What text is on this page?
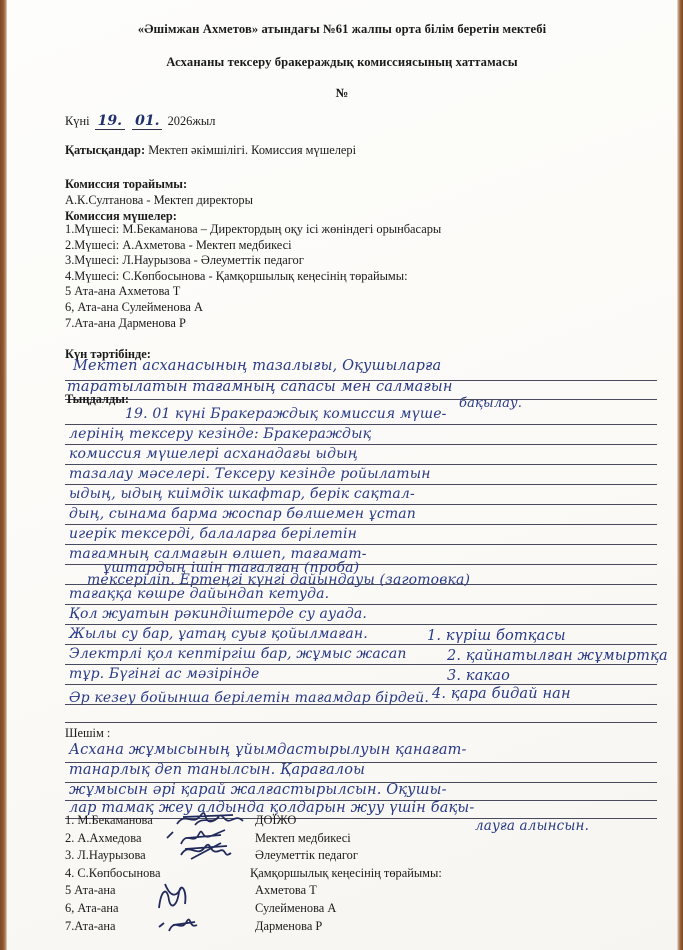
«Әшімжан Ахметов» атындағы №61 жалпы орта білім беретін мектебі
Асхананы тексеру бракераждық комиссиясының хаттамасы
№
Күні 19. 01. 2026жыл
Қатысқандар: Мектеп әкімшілігі. Комиссия мүшелері
Комиссия торайымы:
А.К.Султанова - Мектеп директоры
Комиссия мүшелер:
1.Мүшесі: М.Бекаманова – Директордың оқу ісі жөніндегі орынбасары
2.Мүшесі: А.Ахметова - Мектеп медбикесі
3.Мүшесі: Л.Наурызова - Әлеуметтік педагог
4.Мүшесі: С.Көпбосынова - Қамқоршылық кеңесінің төрайымы:
5 Ата-ана Ахметова Т
6, Ата-ана Сулейменова А
7.Ата-ана Дарменова Р
Күн тәртібінде:
Мектеп асханасының тазалығы, Оқушыларға
таратылатын тағамның сапасы мен салмағын
бақылау.
Тыңдалды:
19. 01 күні Бракераждық комиссия мүше-
лерінің тексеру кезінде: Бракераждық
комиссия мүшелері асханадағы ыдың
тазалау мәселері. Тексеру кезінде ройылатын
ыдың, ыдың киімдік шкафтар, берік сақтал-
дың, сынама барма жоспар бөлшемен ұстап
игерік тексерді, балаларға берілетін
тағамның салмағын өлшеп, тағамат-
ұштардың ішін тағалған (проба)
тексеріліп. Ертеңгі күнгі дайындауы (заготовка)
тағаққа көшре дайындап кетуда.
Қол жуатын рәкиндіштерде су ауада.
Жылы су бар, ұатаң суығ қойылмаған.
Электрлі қол кептіргіш бар, жұмыс жасап
тұр. Бүгінгі ас мәзірінде
1. күріш ботқасы
2. қайнатылған жұмыртқа
3. какао
4. қара бидай нан
Әр кезеу бойынша берілетін тағамдар бірдей.
Шешім :
Асхана жұмысының ұйымдастырылуын қанағат-
танарлық деп танылсын. Қарағалоы
жұмысын әрі қарай жалғастырылсын. Оқушы-
лар тамақ жеу алдында қолдарын жуу үшін бақы-
лауға алынсын.
1. М.Бекаманова	ДОЇЖО
2. А.Ахмедова	Мектеп медбикесі
3. Л.Наурызова	Әлеуметтік педагог
4. С.Көпбосынова	Қамқоршылық кеңесінің төрайымы:
5 Ата-ана	Ахметова Т
6, Ата-ана	Сулейменова А
7.Ата-ана	Дарменова Р
